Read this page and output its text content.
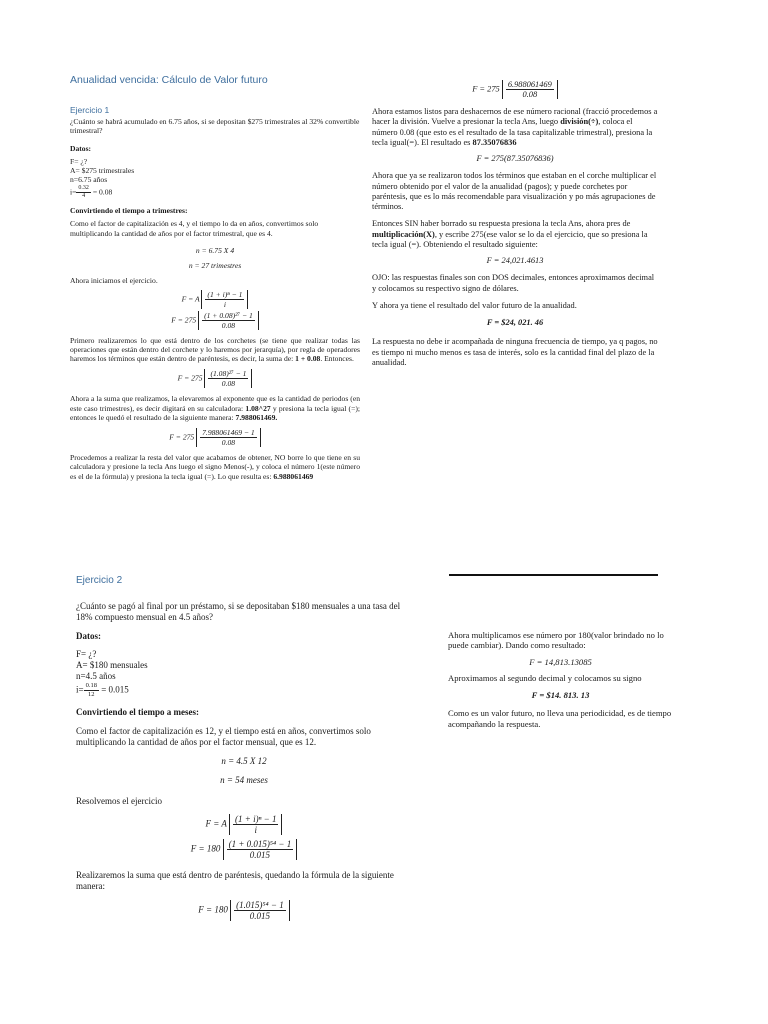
Anualidad vencida: Cálculo de Valor futuro
Ejercicio 1

¿Cuánto se habrá acumulado en 6.75 años, si se depositan $275 trimestrales al 32% convertible trimestral?

Datos:

F= ¿?

A= $275 trimestrales

n=6.75 años

$i= \frac{0.32}{4} = 0.08$

Convirtiendo el tiempo a trimestres:

Como el factor de capitalización es 4, y el tiempo lo da en años, convertimos solo multiplicando la cantidad de años por el factor trimestral, que es 4.

n = 6.75 X 4

n = 27 trimestres

Ahora iniciamos el ejercicio.

F = A $\frac{\text{(1 + i)ⁿ − 1}}{i}$
$F = 275 \frac{\text{(1 + 0.08)²⁷ − 1}}{0.08}$

Primero realizaremos lo que está dentro de los corchetes (se tiene que realizar todas las operaciones que están dentro del corchete y lo haremos por jerarquía), por regla de operadores haremos los términos que están dentro de paréntesis, es decir, la suma de: 1 + 0.08. Entonces.

$F = 275 \frac{\text{(1.08)²⁷ − 1}}{0.08}$

Ahora a la suma que realizamos, la elevaremos al exponente que es la cantidad de periodos (en este caso trimestres), es decir digitará en su calculadora: 1.08^27 y presiona la tecla igual (=); entonces le quedó el resultado de la siguiente manera: 7.988061469.

$F = 275 \frac{7.988061469 - 1}{0.08}$

Procedemos a realizar la resta del valor que acabamos de obtener, NO borre lo que tiene en su calculadora y presione la tecla Ans luego el signo Menos(-), y coloca el número 1(este número es el de la fórmula) y presiona la tecla igual (=). Lo que resulta es: 6.988061469

$F = 275 \frac{6.988061469}{0.08}$

Ahora estamos listos para deshacernos de ese número racional (fracció procedemos a hacer la división. Vuelve a presionar la tecla Ans, luego división(÷), coloca el número 0.08 (que esto es el resultado de la tasa capitalizable trimestral), presiona la tecla igual(=). El resultado es 87.35076836

F = 275(87.35076836)

Ahora que ya se realizaron todos los términos que estaban en el corche multiplicar el número obtenido por el valor de la anualidad (pagos); y puede corchetes por paréntesis, que es lo más recomendable para visualización y po más agrupaciones de términos.

Entonces SIN haber borrado su respuesta presiona la tecla Ans, ahora pres de multiplicación(X), y escribe 275(ese valor se lo da el ejercicio, que so presiona la tecla igual (=). Obteniendo el resultado siguiente:

F = 24,021.4613

OJO: las respuestas finales son con DOS decimales, entonces aproximamos decimal y colocamos su respectivo signo de dólares.

Y ahora ya tiene el resultado del valor futuro de la anualidad.

F = $24, 021. 46

La respuesta no debe ir acompañada de ninguna frecuencia de tiempo, ya q pagos, no es tiempo ni mucho menos es tasa de interés, solo es la cantidad final del plazo de la anualidad.

Ejercicio 2

¿Cuánto se pagó al final por un préstamo, si se depositaban $180 mensuales a una tasa del 18% compuesto mensual en 4.5 años?

Datos:

F= ¿?

A= $180 mensuales

n=4.5 años

$i= \frac{0.18}{12} = 0.015$

Convirtiendo el tiempo a meses:

Como el factor de capitalización es 12, y el tiempo está en años, convertimos solo multiplicando la cantidad de años por el factor mensual, que es 12.

n = 4.5 X 12

n = 54 meses

Resolvemos el ejercicio

F = A $\frac{\text{(1 + i)ⁿ − 1}}{i}$
$F = 180 \frac{\text{(1 + 0.015)⁵⁴ − 1}}{0.015}$

Realizaremos la suma que está dentro de paréntesis, quedando la fórmula de la siguiente manera:

$F = 180 \frac{\text{(1.015)⁵⁴ − 1}}{0.015}$

Ahora multiplicamos ese número por 180(valor brindado no lo puede cambiar). Dando como resultado:

F = 14,813.13085

Aproximamos al segundo decimal y colocamos su signo

F = $14. 813. 13

Como es un valor futuro, no lleva una periodicidad, es de tiempo acompañando la respuesta.
